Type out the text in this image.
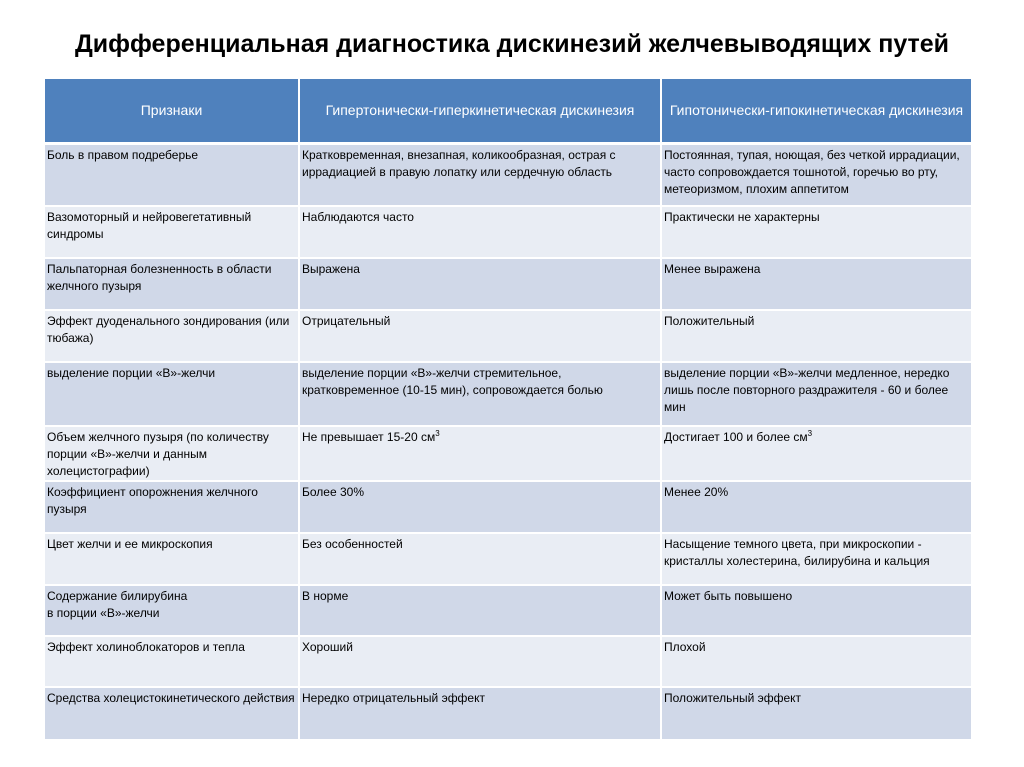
Дифференциальная диагностика дискинезий желчевыводящих путей
Признаки	Гипертонически-гиперкинетическая дискинезия	Гипотонически-гипокинетическая дискинезия
Боль в правом подреберье	Кратковременная, внезапная, коликообразная, острая с иррадиацией в правую лопатку или сердечную область	Постоянная, тупая, ноющая, без четкой иррадиации, часто сопровождается тошнотой, горечью во рту, метеоризмом, плохим аппетитом
Вазомоторный и нейровегетативный синдромы	Наблюдаются часто	Практически не характерны
Пальпаторная болезненность в области желчного пузыря	Выражена	Менее выражена
Эффект дуоденального зондирования (или тюбажа)	Отрицательный	Положительный
выделение порции «В»-желчи	выделение порции «В»-желчи стремительное, кратковременное (10-15 мин), сопровождается болью	выделение порции «В»-желчи медленное, нередко лишь после повторного раздражителя - 60 и более мин
Объем желчного пузыря (по количеству порции «В»-желчи и данным холецистографии)	Не превышает 15-20 $см^3$	Достигает 100 и более $см^3$
Коэффициент опорожнения желчного пузыря	Более 30%	Менее 20%
Цвет желчи и ее микроскопия	Без особенностей	Насыщение темного цвета, при микроскопии - кристаллы холестерина, билирубина и кальция
Содержание билирубина
в порции «В»-желчи	В норме	Может быть повышено
Эффект холиноблокаторов и тепла	Хороший	Плохой
Средства холецистокинетического действия	Нередко отрицательный эффект	Положительный эффект
